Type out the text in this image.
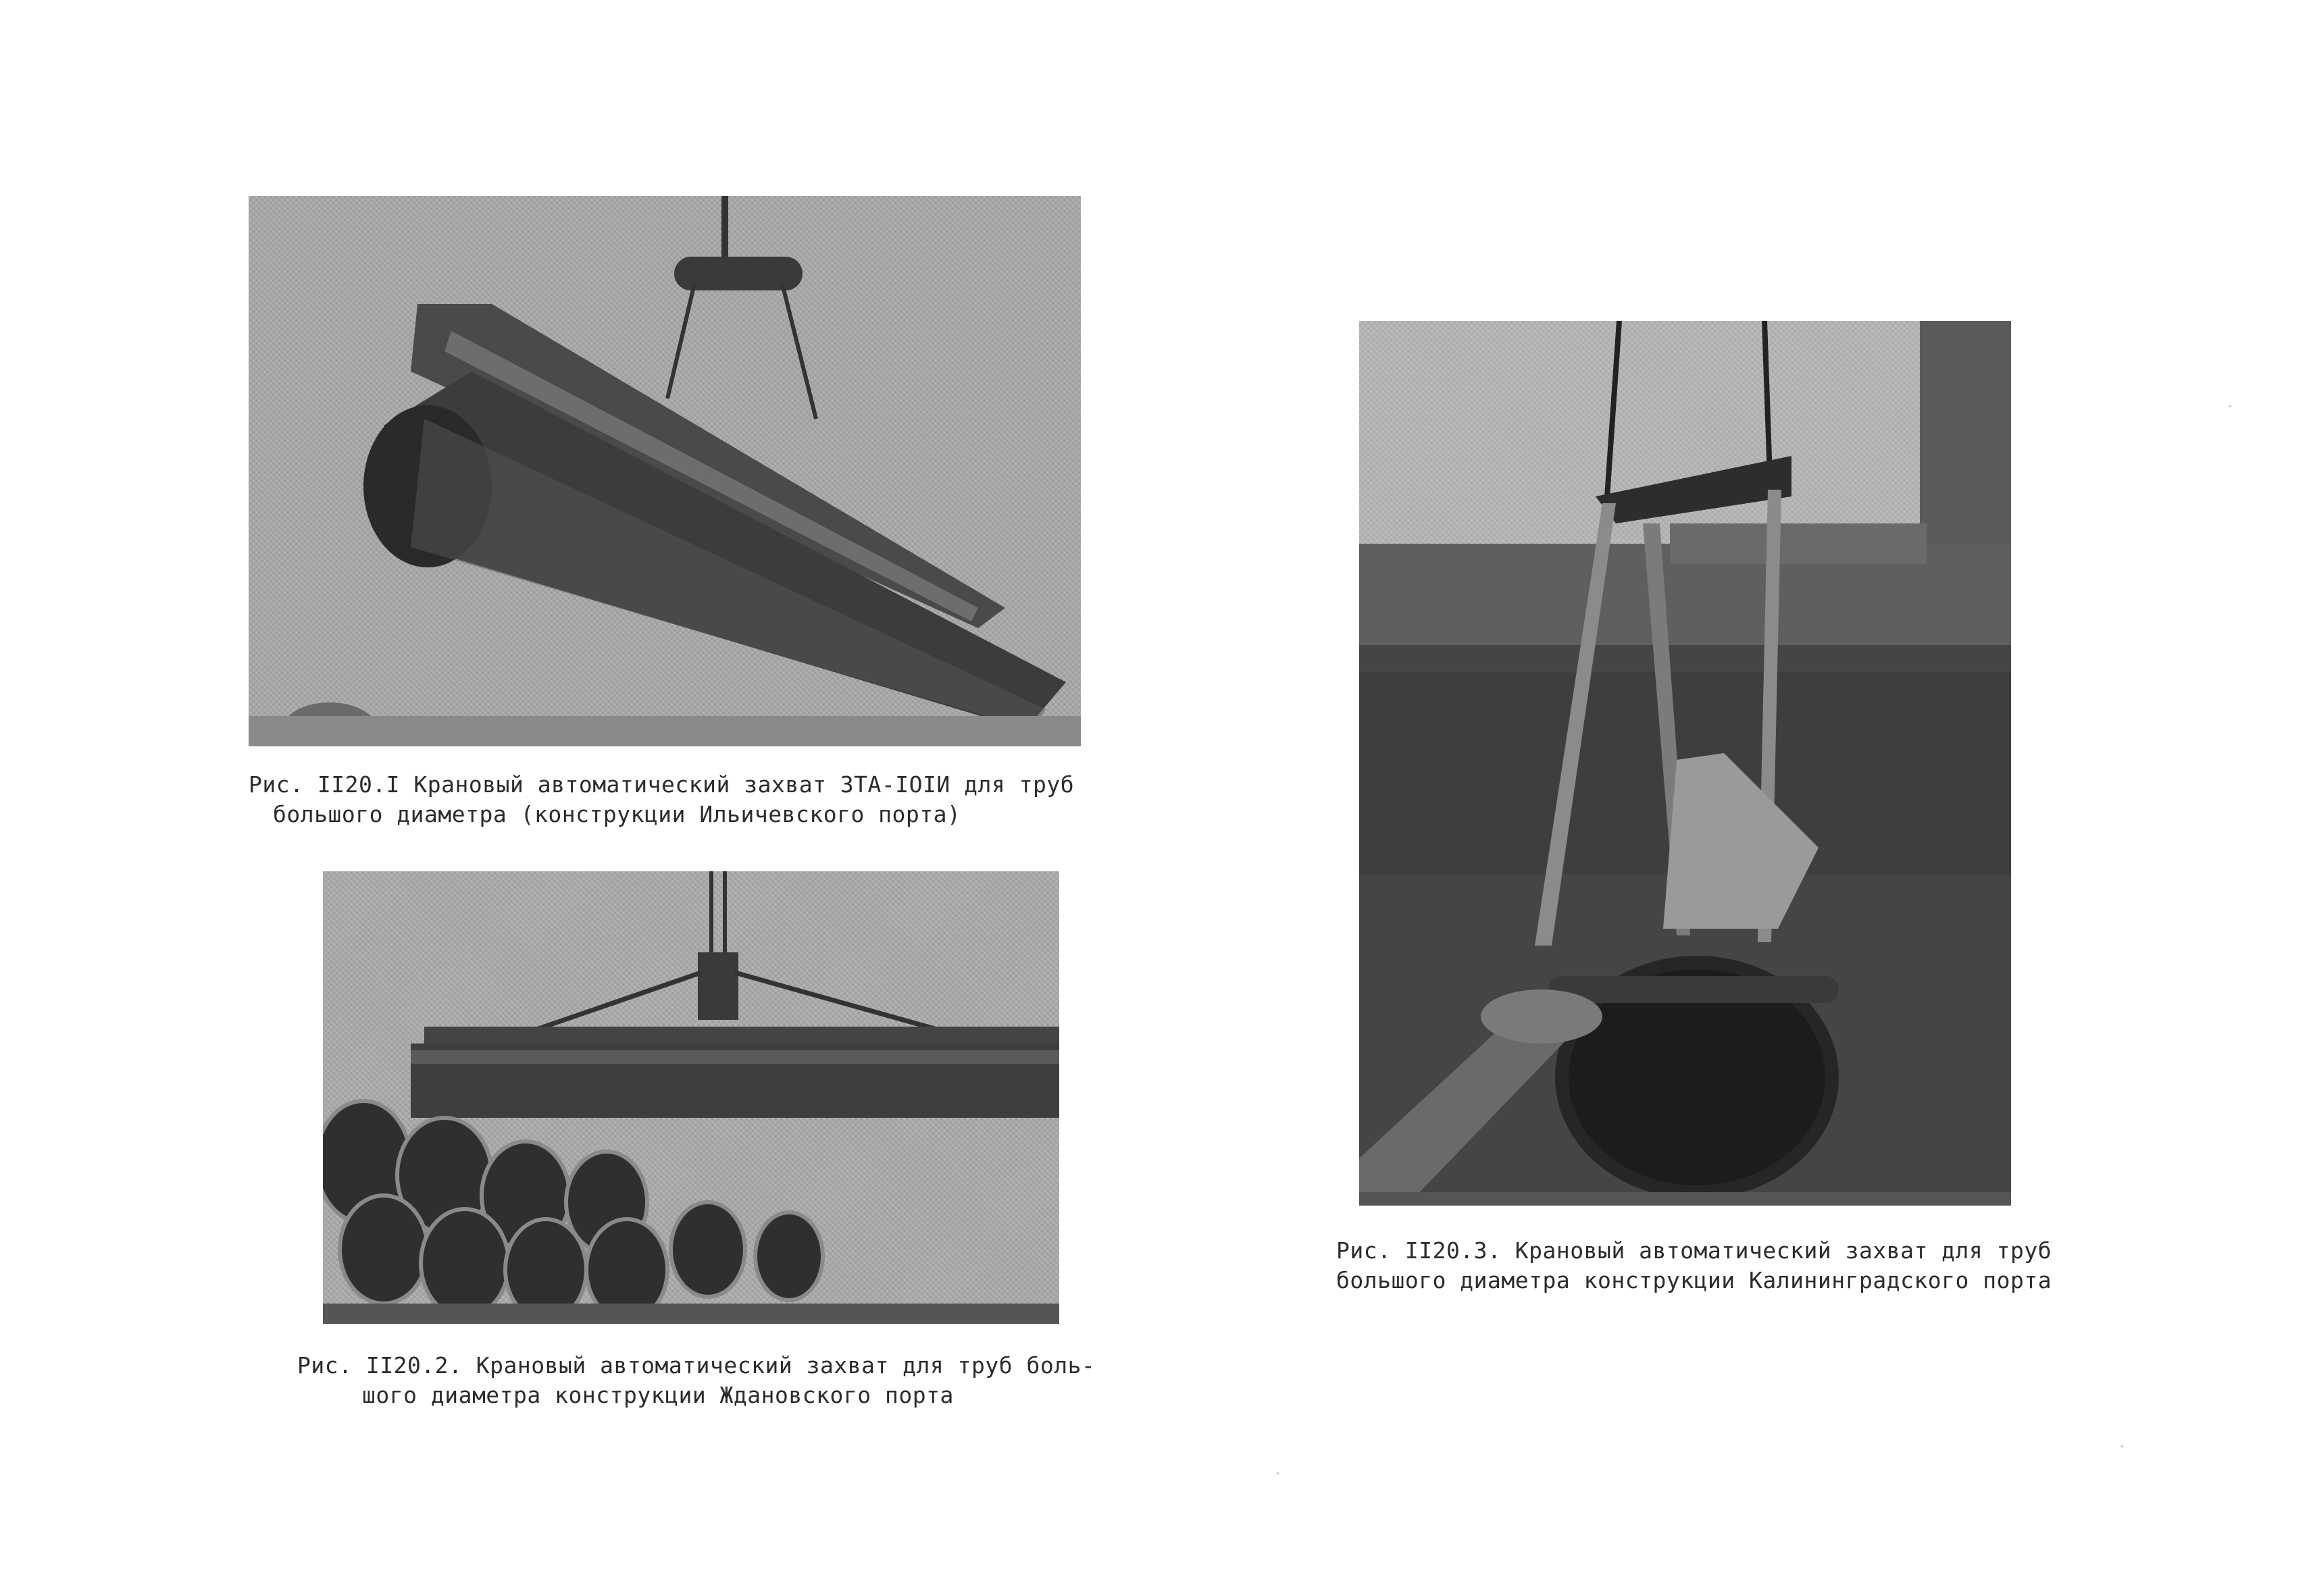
Рис. II20.I Крановый автоматический захват ЗТА-IOIИ для труб
большого диаметра (конструкции Ильичевского порта)
Рис. II20.2. Крановый автоматический захват для труб боль-
шого диаметра конструкции Ждановского порта
Рис. II20.3. Крановый автоматический захват для труб
большого диаметра конструкции Калининградского порта
